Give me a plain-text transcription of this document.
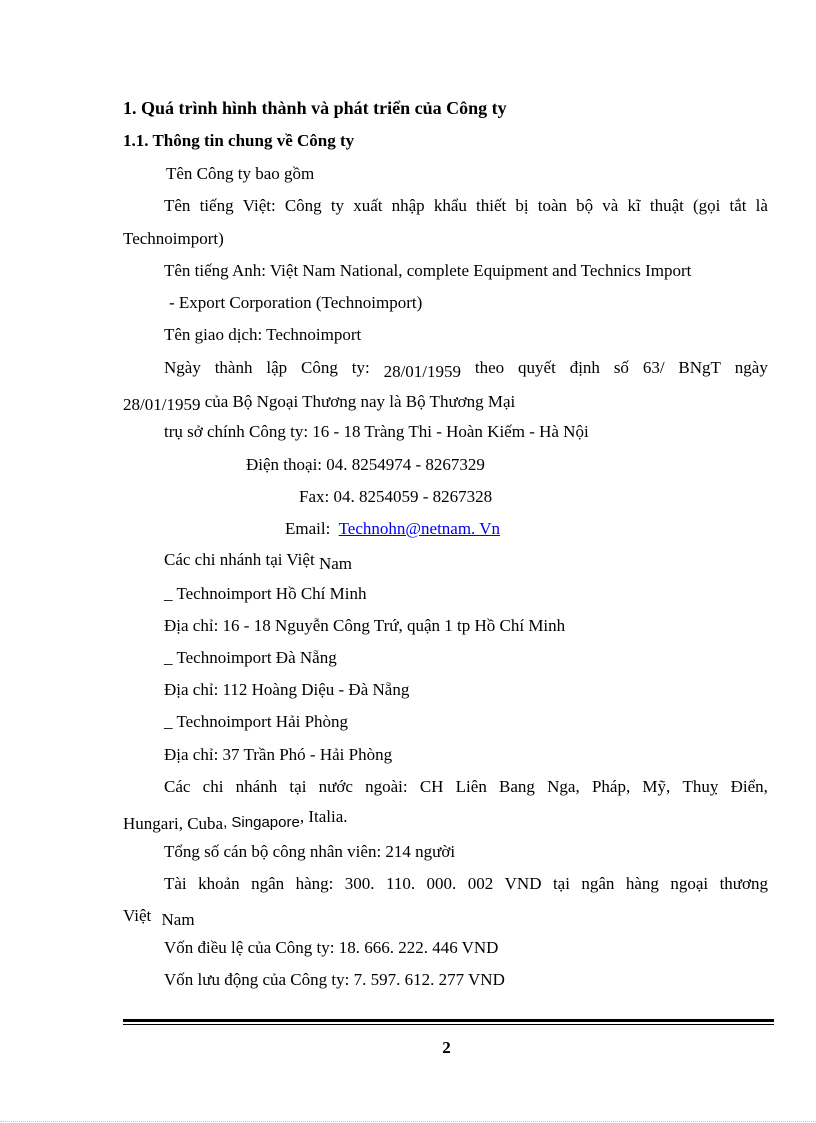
1. Quá trình hình thành và phát triển của Công ty
1.1. Thông tin chung về Công ty
Tên Công ty bao gồm
Tên tiếng Việt: Công ty xuất nhập khẩu thiết bị toàn bộ và kĩ thuật (gọi tắt là
Technoimport)
Tên tiếng Anh: Việt Nam National, complete Equipment and Technics Import
- Export Corporation (Technoimport)
Tên giao dịch: Technoimport
Ngày thành lập Công ty: 28/01/1959 theo quyết định số 63/ BNgT ngày
28/01/1959 của Bộ Ngoại Thương nay là Bộ Thương Mại
trụ sở chính Công ty: 16 - 18 Tràng Thi - Hoàn Kiếm - Hà Nội
Điện thoại: 04. 8254974 - 8267329
Fax: 04. 8254059 - 8267328
Email: Technohn@netnam. Vn
Các chi nhánh tại Việt Nam
_ Technoimport Hồ Chí Minh
Địa chỉ: 16 - 18 Nguyễn Công Trứ, quận 1 tp Hồ Chí Minh
_ Technoimport Đà Nẵng
Địa chỉ: 112 Hoàng Diệu - Đà Nẵng
_ Technoimport Hải Phòng
Địa chỉ: 37 Trần Phó - Hải Phòng
Các chi nhánh tại nước ngoài: CH Liên Bang Nga, Pháp, Mỹ, Thuỵ Điển,
Hungari, Cuba, Singapore, Italia.
Tổng số cán bộ công nhân viên: 214 người
Tài khoản ngân hàng: 300. 110. 000. 002 VND tại ngân hàng ngoại thương
Việt Nam
Vốn điều lệ của Công ty: 18. 666. 222. 446 VND
Vốn lưu động của Công ty: 7. 597. 612. 277 VND
2
